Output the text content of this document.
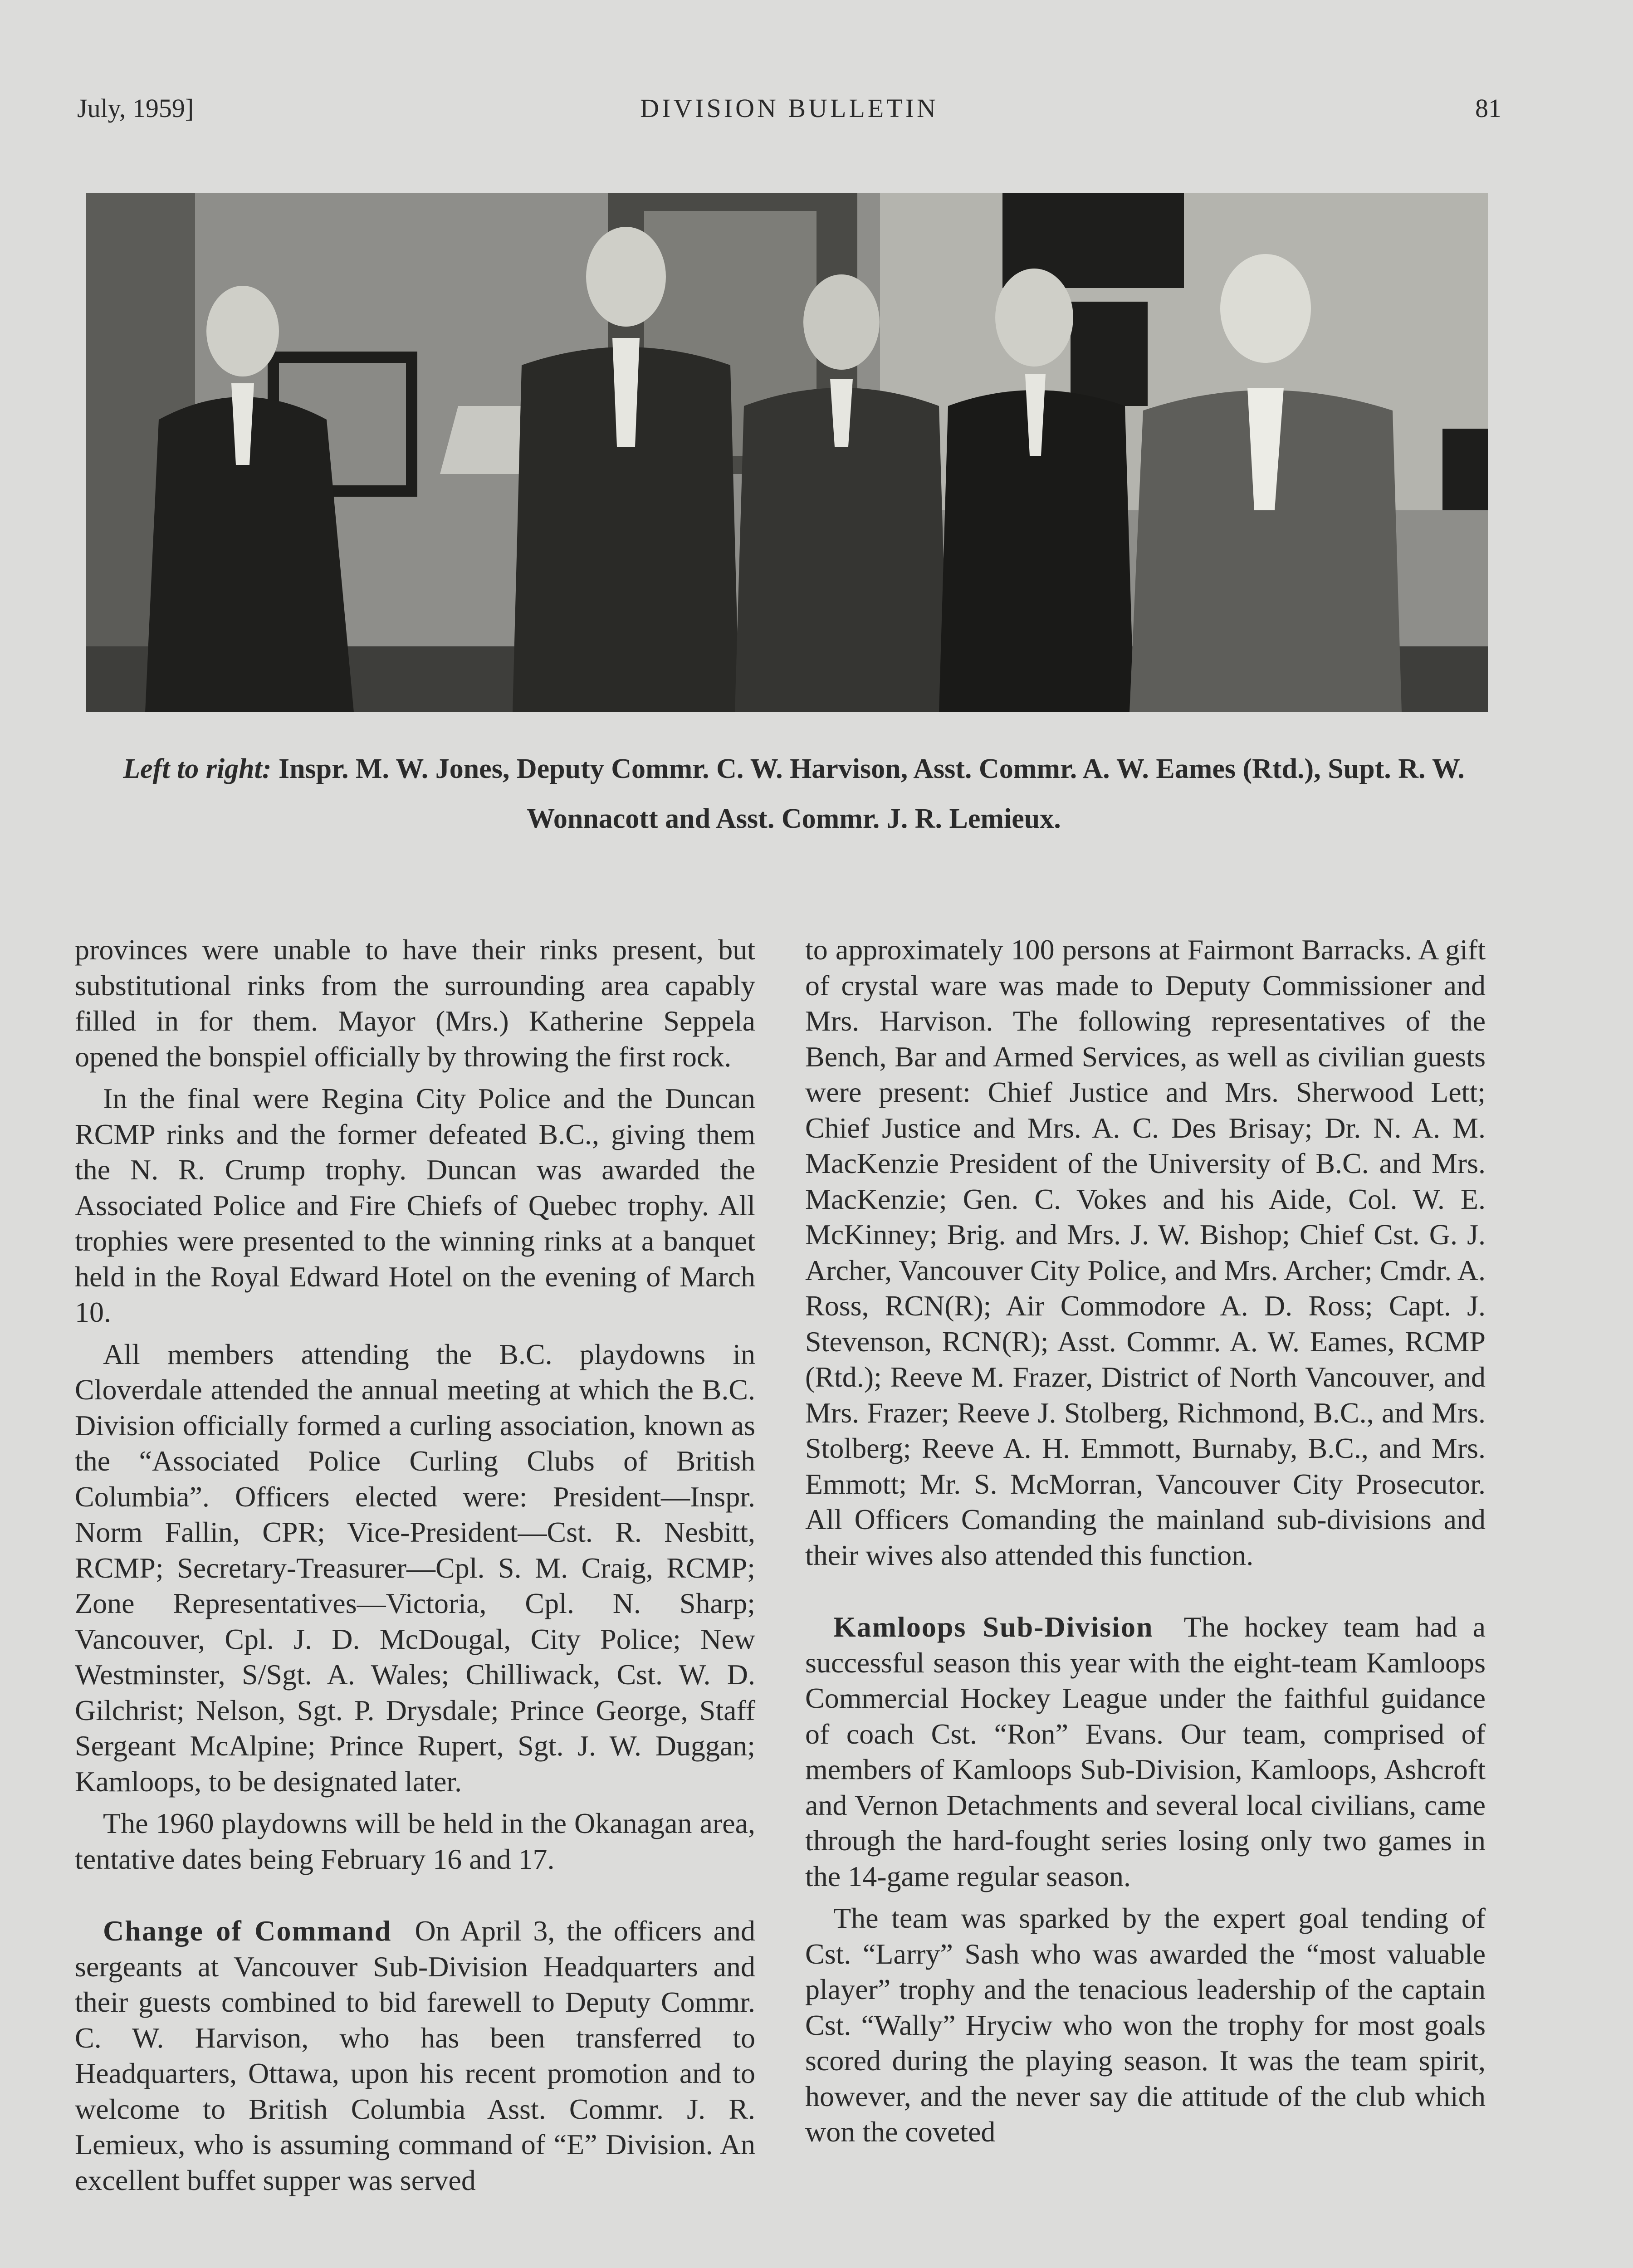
July, 1959]	DIVISION BULLETIN	81
Left to right: Inspr. M. W. Jones, Deputy Commr. C. W. Harvison, Asst. Commr. A. W. Eames (Rtd.), Supt. R. W. Wonnacott and Asst. Commr. J. R. Lemieux.

provinces were unable to have their rinks present, but substitutional rinks from the surrounding area capably filled in for them. Mayor (Mrs.) Katherine Seppela opened the bonspiel officially by throwing the first rock.

In the final were Regina City Police and the Duncan RCMP rinks and the former defeated B.C., giving them the N. R. Crump trophy. Duncan was awarded the Associated Police and Fire Chiefs of Quebec trophy. All trophies were presented to the winning rinks at a banquet held in the Royal Edward Hotel on the evening of March 10.

All members attending the B.C. playdowns in Cloverdale attended the annual meeting at which the B.C. Division officially formed a curling association, known as the “Associated Police Curling Clubs of British Columbia”. Officers elected were: President—Inspr. Norm Fallin, CPR; Vice-President—Cst. R. Nesbitt, RCMP; Secretary-Treasurer—Cpl. S. M. Craig, RCMP; Zone Representatives—Victoria, Cpl. N. Sharp; Vancouver, Cpl. J. D. McDougal, City Police; New Westminster, S/Sgt. A. Wales; Chilliwack, Cst. W. D. Gilchrist; Nelson, Sgt. P. Drysdale; Prince George, Staff Sergeant McAlpine; Prince Rupert, Sgt. J. W. Duggan; Kamloops, to be designated later.

The 1960 playdowns will be held in the Okanagan area, tentative dates being February 16 and 17.

Change of Command On April 3, the officers and sergeants at Vancouver Sub-Division Headquarters and their guests combined to bid farewell to Deputy Commr. C. W. Harvison, who has been transferred to Headquarters, Ottawa, upon his recent promotion and to welcome to British Columbia Asst. Commr. J. R. Lemieux, who is assuming command of “E” Division. An excellent buffet supper was served

to approximately 100 persons at Fairmont Barracks. A gift of crystal ware was made to Deputy Commissioner and Mrs. Harvison. The following representatives of the Bench, Bar and Armed Services, as well as civilian guests were present: Chief Justice and Mrs. Sherwood Lett; Chief Justice and Mrs. A. C. Des Brisay; Dr. N. A. M. MacKenzie President of the University of B.C. and Mrs. MacKenzie; Gen. C. Vokes and his Aide, Col. W. E. McKinney; Brig. and Mrs. J. W. Bishop; Chief Cst. G. J. Archer, Vancouver City Police, and Mrs. Archer; Cmdr. A. Ross, RCN(R); Air Commodore A. D. Ross; Capt. J. Stevenson, RCN(R); Asst. Commr. A. W. Eames, RCMP (Rtd.); Reeve M. Frazer, District of North Vancouver, and Mrs. Frazer; Reeve J. Stolberg, Richmond, B.C., and Mrs. Stolberg; Reeve A. H. Emmott, Burnaby, B.C., and Mrs. Emmott; Mr. S. McMorran, Vancouver City Prosecutor. All Officers Comanding the mainland sub-divisions and their wives also attended this function.

Kamloops Sub-Division The hockey team had a successful season this year with the eight-team Kamloops Commercial Hockey League under the faithful guidance of coach Cst. “Ron” Evans. Our team, comprised of members of Kamloops Sub-Division, Kamloops, Ashcroft and Vernon Detachments and several local civilians, came through the hard-fought series losing only two games in the 14-game regular season.

The team was sparked by the expert goal tending of Cst. “Larry” Sash who was awarded the “most valuable player” trophy and the tenacious leadership of the captain Cst. “Wally” Hryciw who won the trophy for most goals scored during the playing season. It was the team spirit, however, and the never say die attitude of the club which won the coveted
